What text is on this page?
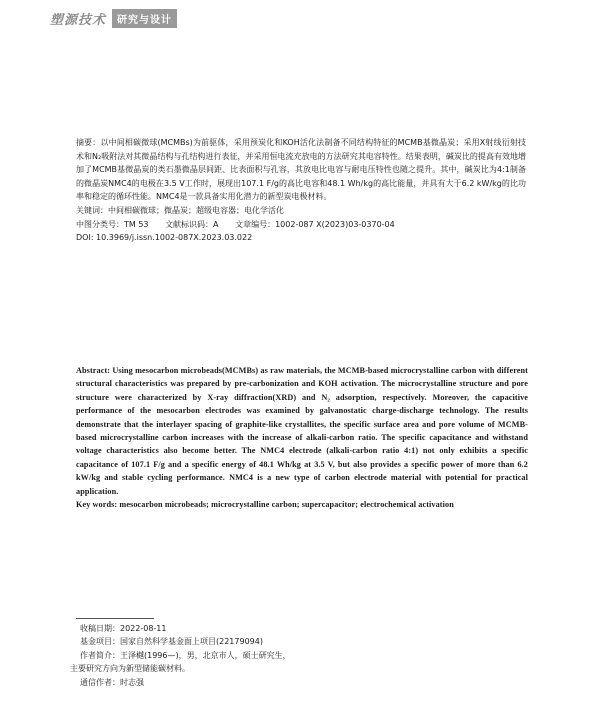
塑源技术	研究与设计

摘要：以中间相碳微球(MCMBs)为前驱体，采用预炭化和KOH活化法制备不同结构特征的MCMB基微晶炭；采用X射线衍射技术和N₂吸附法对其微晶结构与孔结构进行表征，并采用恒电流充放电的方法研究其电容特性。结果表明，碱炭比的提高有效地增加了MCMB基微晶炭的类石墨微晶层间距、比表面积与孔容，其放电比电容与耐电压特性也随之提升。其中，碱炭比为4:1制备的微晶炭NMC4的电极在3.5 V工作时，展现出107.1 F/g的高比电容和48.1 Wh/kg的高比能量，并具有大于6.2 kW/kg的比功率和稳定的循环性能。NMC4是一款具备实用化潜力的新型炭电极材料。

关键词：中间相碳微球；微晶炭；超级电容器；电化学活化

中图分类号：TM 53 文献标识码：A 文章编号：1002-087 X(2023)03-0370-04

DOI: 10.3969/j.issn.1002-087X.2023.03.022

Abstract: Using mesocarbon microbeads(MCMBs) as raw materials, the MCMB-based microcrystalline carbon with different structural characteristics was prepared by pre-carbonization and KOH activation. The microcrystalline structure and pore structure were characterized by X-ray diffraction(XRD) and N₂ adsorption, respectively. Moreover, the capacitive performance of the mesocarbon electrodes was examined by galvanostatic charge-discharge technology. The results demonstrate that the interlayer spacing of graphite-like crystallites, the specific surface area and pore volume of MCMB-based microcrystalline carbon increases with the increase of alkali-carbon ratio. The specific capacitance and withstand voltage characteristics also become better. The NMC4 electrode (alkali-carbon ratio 4:1) not only exhibits a specific capacitance of 107.1 F/g and a specific energy of 48.1 Wh/kg at 3.5 V, but also provides a specific power of more than 6.2 kW/kg and stable cycling performance. NMC4 is a new type of carbon electrode material with potential for practical application.

Key words: mesocarbon microbeads; microcrystalline carbon; supercapacitor; electrochemical activation

收稿日期：2022-08-11

基金项目：国家自然科学基金面上项目(22179094)

作者简介：王泽樾(1996—)，男，北京市人，硕士研究生，

主要研究方向为新型储能碳材料。

通信作者：时志强
